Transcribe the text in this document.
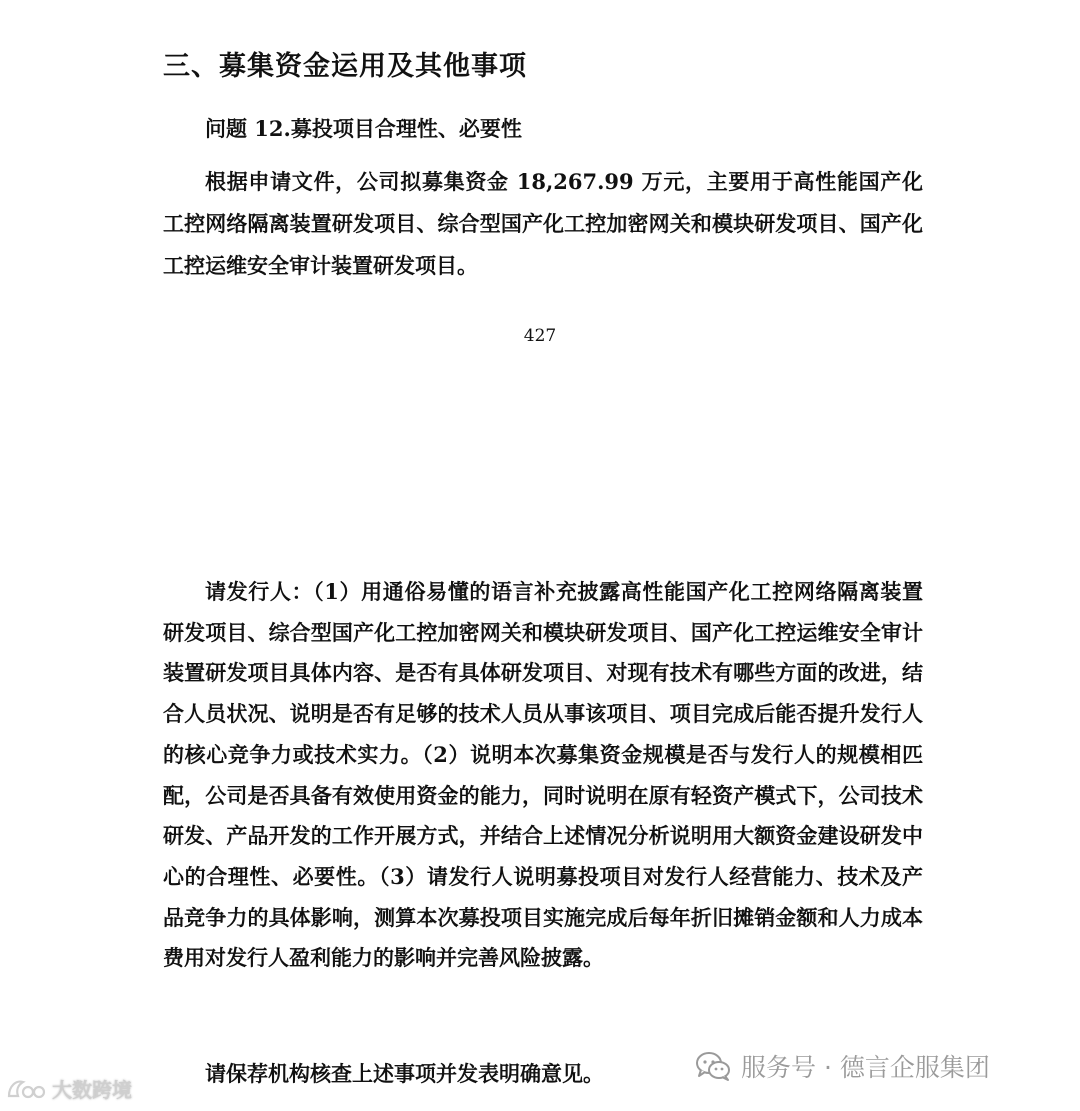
三、募集资金运用及其他事项
问题 12.募投项目合理性、必要性

根据申请文件，公司拟募集资金 18,267.99 万元，主要用于高性能国产化工控网络隔离装置研发项目、综合型国产化工控加密网关和模块研发项目、国产化工控运维安全审计装置研发项目。

427

请发行人：（1）用通俗易懂的语言补充披露高性能国产化工控网络隔离装置研发项目、综合型国产化工控加密网关和模块研发项目、国产化工控运维安全审计装置研发项目具体内容、是否有具体研发项目、对现有技术有哪些方面的改进，结合人员状况、说明是否有足够的技术人员从事该项目、项目完成后能否提升发行人的核心竞争力或技术实力。（2）说明本次募集资金规模是否与发行人的规模相匹配，公司是否具备有效使用资金的能力，同时说明在原有轻资产模式下，公司技术研发、产品开发的工作开展方式，并结合上述情况分析说明用大额资金建设研发中心的合理性、必要性。（3）请发行人说明募投项目对发行人经营能力、技术及产品竞争力的具体影响，测算本次募投项目实施完成后每年折旧摊销金额和人力成本费用对发行人盈利能力的影响并完善风险披露。

请保荐机构核查上述事项并发表明确意见。

大数跨境
服务号 · 德言企服集团
